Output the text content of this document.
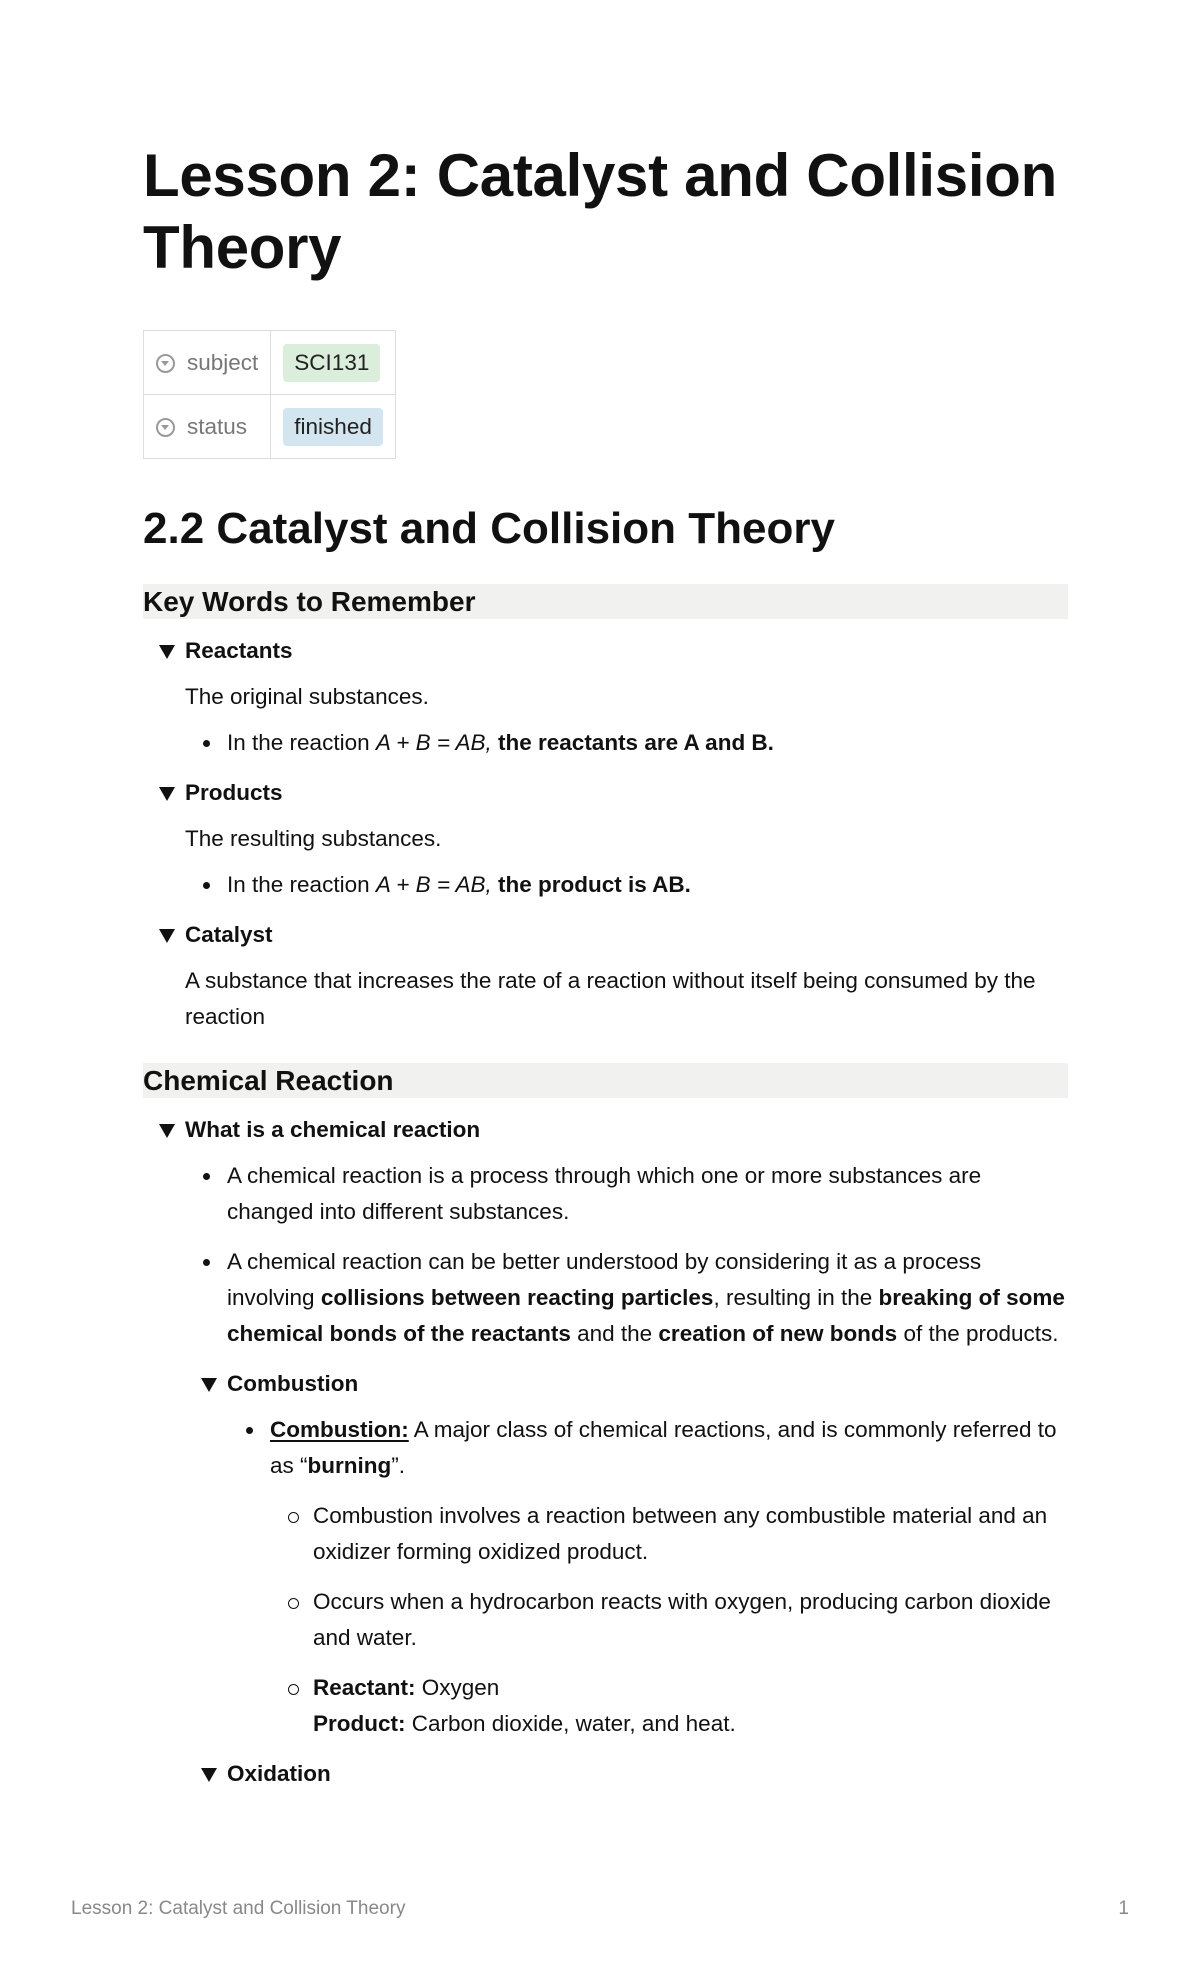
Lesson 2: Catalyst and Collision Theory
subject	SCI131
status	finished
2.2 Catalyst and Collision Theory
Key Words to Remember
Reactants

The original substances.

In the reaction A + B = AB, the reactants are A and B.
Products

The resulting substances.

In the reaction A + B = AB, the product is AB.
Catalyst

A substance that increases the rate of a reaction without itself being consumed by the reaction

Chemical Reaction
What is a chemical reaction
A chemical reaction is a process through which one or more substances are changed into different substances.
A chemical reaction can be better understood by considering it as a process involving collisions between reacting particles, resulting in the breaking of some chemical bonds of the reactants and the creation of new bonds of the products.
Combustion
Combustion: A major class of chemical reactions, and is commonly referred to as “burning”.
Combustion involves a reaction between any combustible material and an oxidizer forming oxidized product.
Occurs when a hydrocarbon reacts with oxygen, producing carbon dioxide and water.
Reactant: Oxygen
Product: Carbon dioxide, water, and heat.
Oxidation
Lesson 2: Catalyst and Collision Theory	1
